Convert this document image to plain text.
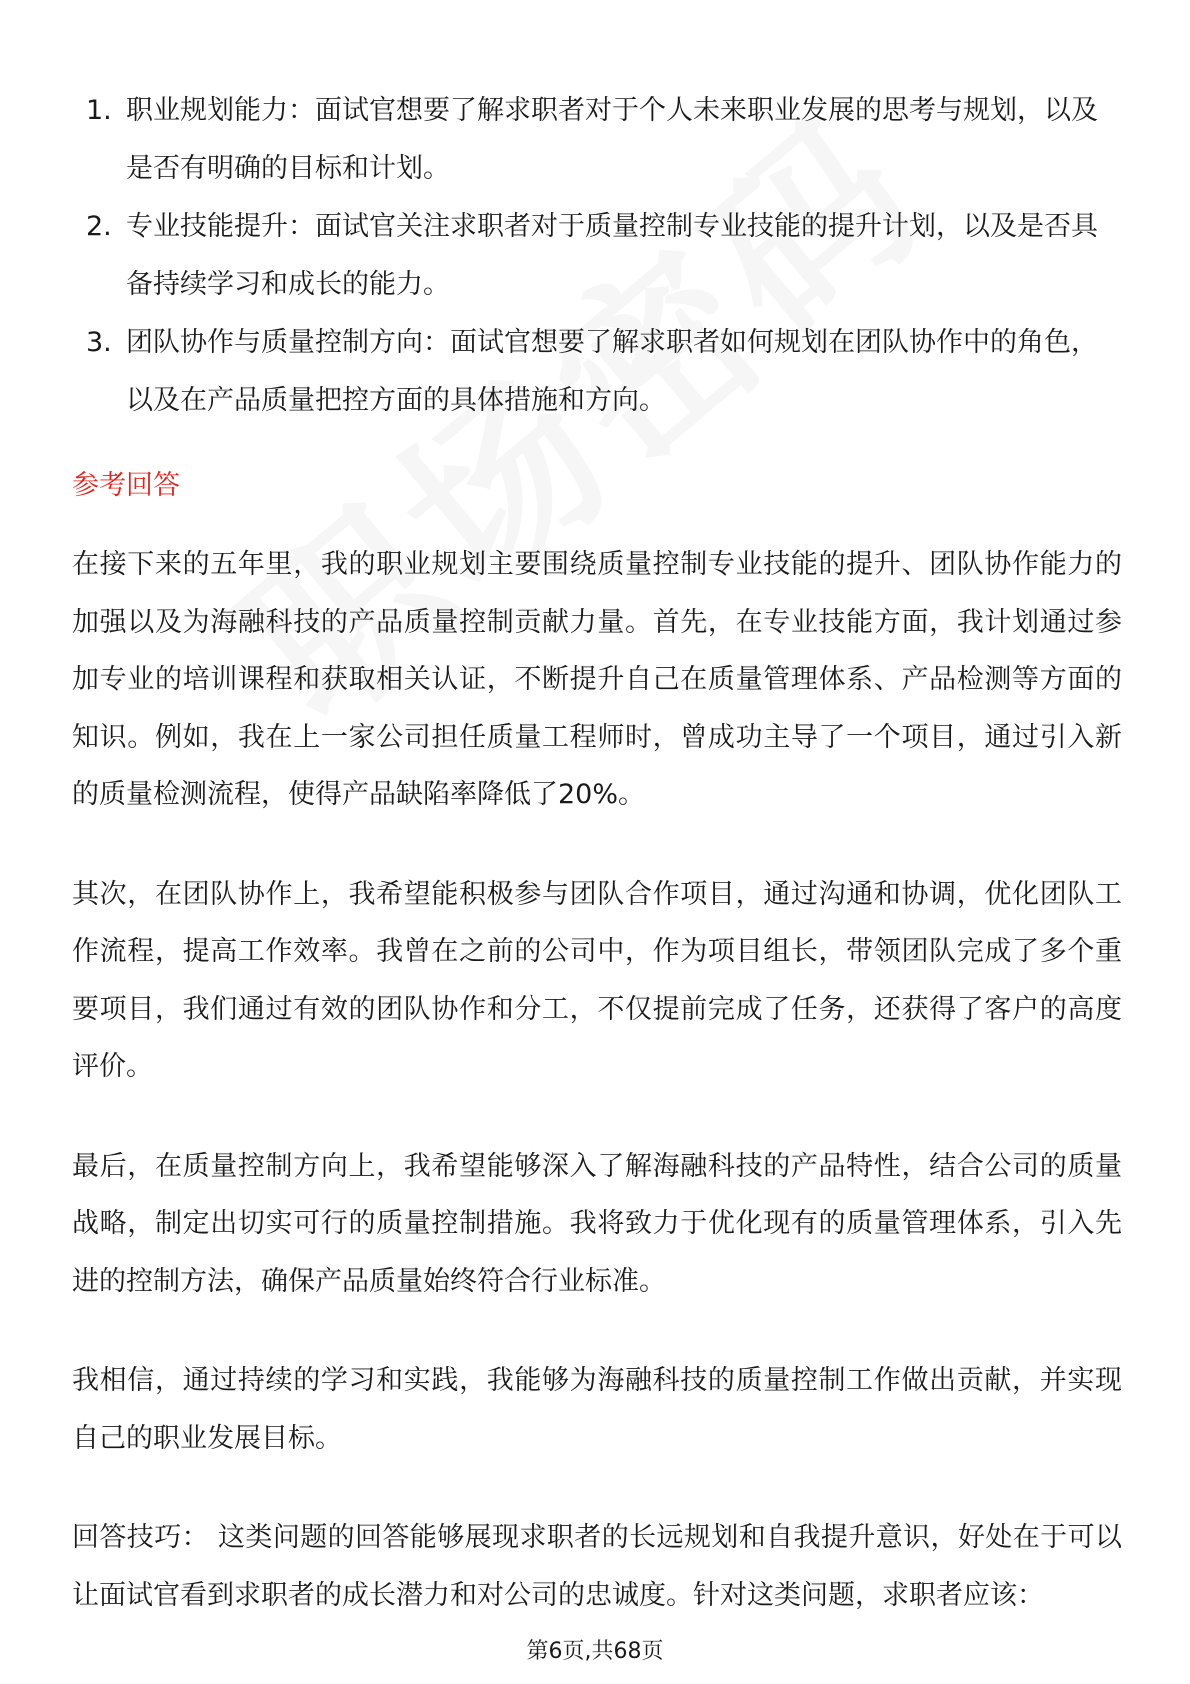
1. 职业规划能力：面试官想要了解求职者对于个人未来职业发展的思考与规划，以及是否有明确的目标和计划。
2. 专业技能提升：面试官关注求职者对于质量控制专业技能的提升计划，以及是否具备持续学习和成长的能力。
3. 团队协作与质量控制方向：面试官想要了解求职者如何规划在团队协作中的角色，以及在产品质量把控方面的具体措施和方向。
参考回答

在接下来的五年里，我的职业规划主要围绕质量控制专业技能的提升、团队协作能力的加强以及为海融科技的产品质量控制贡献力量。首先，在专业技能方面，我计划通过参加专业的培训课程和获取相关认证，不断提升自己在质量管理体系、产品检测等方面的知识。例如，我在上一家公司担任质量工程师时，曾成功主导了一个项目，通过引入新的质量检测流程，使得产品缺陷率降低了20%。

其次，在团队协作上，我希望能积极参与团队合作项目，通过沟通和协调，优化团队工作流程，提高工作效率。我曾在之前的公司中，作为项目组长，带领团队完成了多个重要项目，我们通过有效的团队协作和分工，不仅提前完成了任务，还获得了客户的高度评价。

最后，在质量控制方向上，我希望能够深入了解海融科技的产品特性，结合公司的质量战略，制定出切实可行的质量控制措施。我将致力于优化现有的质量管理体系，引入先进的控制方法，确保产品质量始终符合行业标准。

我相信，通过持续的学习和实践，我能够为海融科技的质量控制工作做出贡献，并实现自己的职业发展目标。

回答技巧： 这类问题的回答能够展现求职者的长远规划和自我提升意识，好处在于可以让面试官看到求职者的成长潜力和对公司的忠诚度。针对这类问题，求职者应该：

第6页,共68页
